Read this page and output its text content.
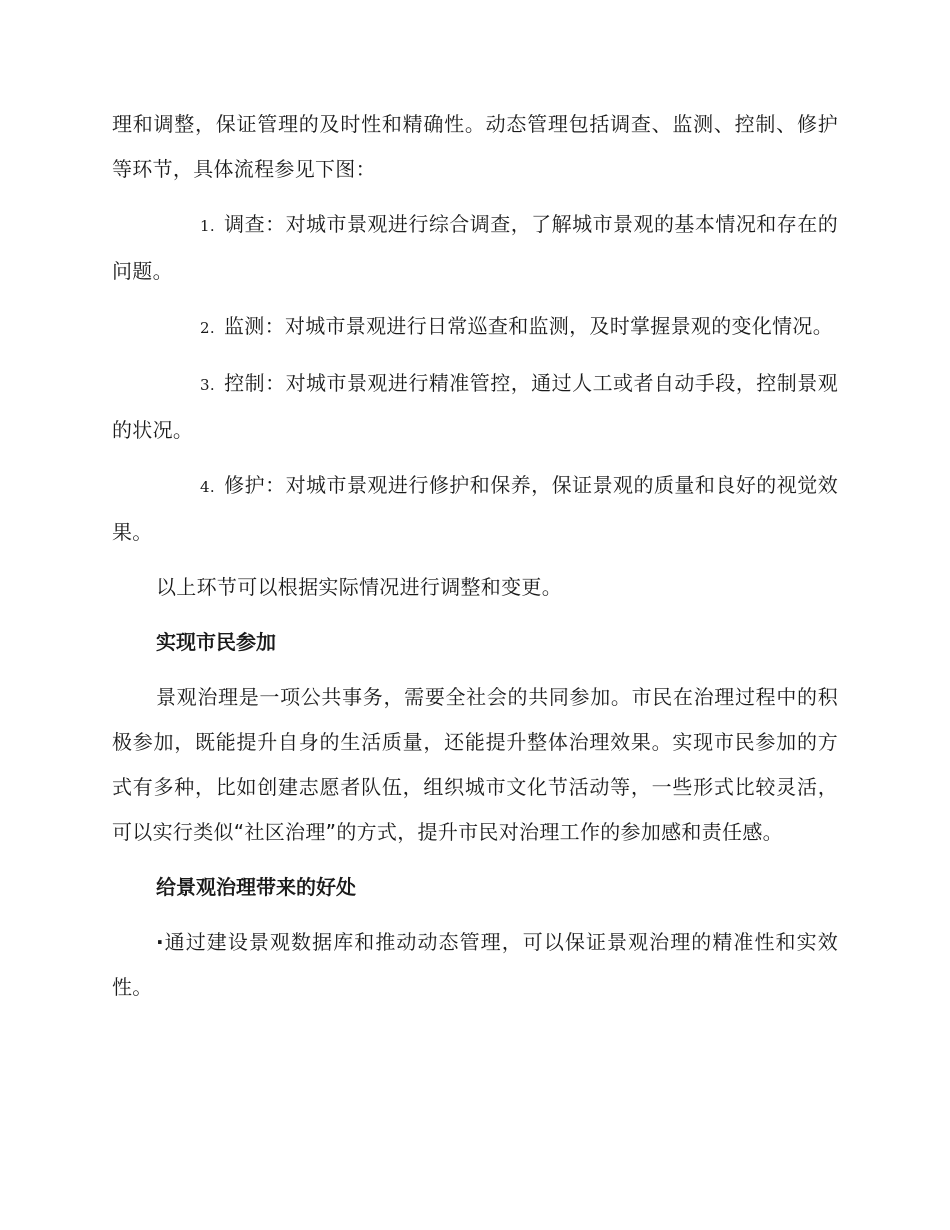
理和调整，保证管理的及时性和精确性。动态管理包括调查、监测、控制、修护等环节，具体流程参见下图：

1. 调查：对城市景观进行综合调查，了解城市景观的基本情况和存在的问题。

2. 监测：对城市景观进行日常巡查和监测，及时掌握景观的变化情况。

3. 控制：对城市景观进行精准管控，通过人工或者自动手段，控制景观的状况。

4. 修护：对城市景观进行修护和保养，保证景观的质量和良好的视觉效果。

以上环节可以根据实际情况进行调整和变更。

实现市民参加

景观治理是一项公共事务，需要全社会的共同参加。市民在治理过程中的积极参加，既能提升自身的生活质量，还能提升整体治理效果。实现市民参加的方式有多种，比如创建志愿者队伍，组织城市文化节活动等，一些形式比较灵活，可以实行类似“社区治理”的方式，提升市民对治理工作的参加感和责任感。

给景观治理带来的好处

·通过建设景观数据库和推动动态管理，可以保证景观治理的精准性和实效性。
